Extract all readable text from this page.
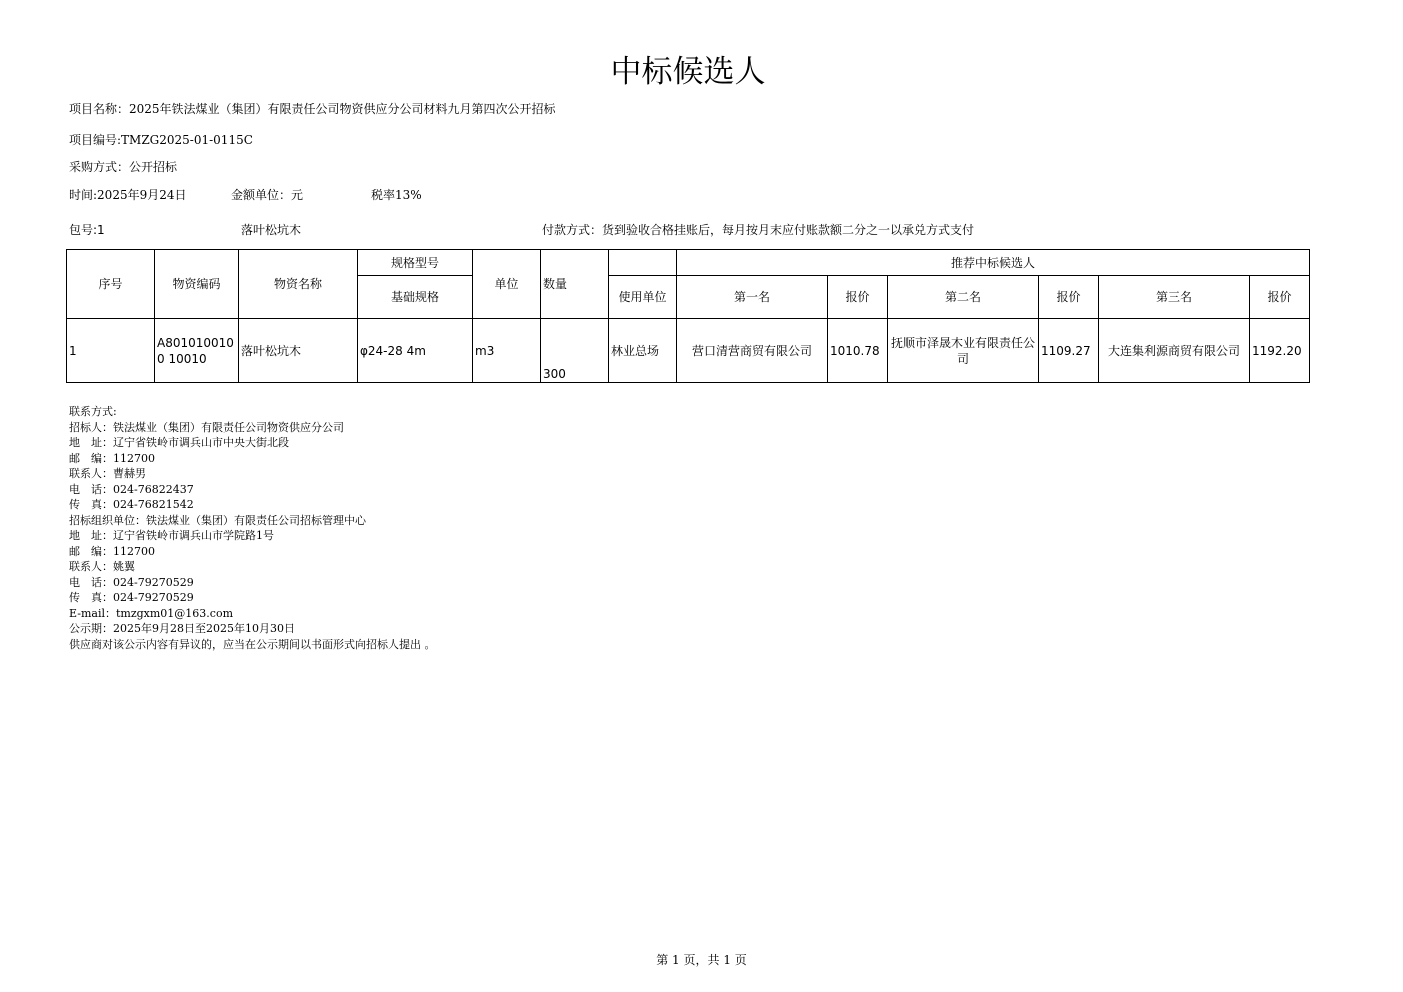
中标候选人
项目名称：2025年铁法煤业（集团）有限责任公司物资供应分公司材料九月第四次公开招标
项目编号:TMZG2025-01-0115C
采购方式：公开招标
时间:2025年9月24日	金额单位：元	税率13%
包号:1	落叶松坑木	付款方式：货到验收合格挂账后，每月按月末应付账款额二分之一以承兑方式支付
序号	物资编码	物资名称	规格型号	单位	数量		推荐中标候选人					
			基础规格			使用单位	第一名	报价	第二名	报价	第三名	报价
1	A8010100100 10010	落叶松坑木	φ24-28 4m	m3	300	林业总场	营口清营商贸有限公司	1010.78	抚顺市泽晟木业有限责任公司	1109.27	大连集利源商贸有限公司	1192.20
联系方式:
招标人：铁法煤业（集团）有限责任公司物资供应分公司
地　址：辽宁省铁岭市调兵山市中央大街北段
邮　编：112700
联系人：曹赫男
电　话：024-76822437
传　真：024-76821542
招标组织单位：铁法煤业（集团）有限责任公司招标管理中心
地　址：辽宁省铁岭市调兵山市学院路1号
邮　编：112700
联系人：姚翼
电　话：024-79270529
传　真：024-79270529
E-mail：tmzgxm01@163.com
公示期：2025年9月28日至2025年10月30日
供应商对该公示内容有异议的，应当在公示期间以书面形式向招标人提出 。
第 1 页，共 1 页
